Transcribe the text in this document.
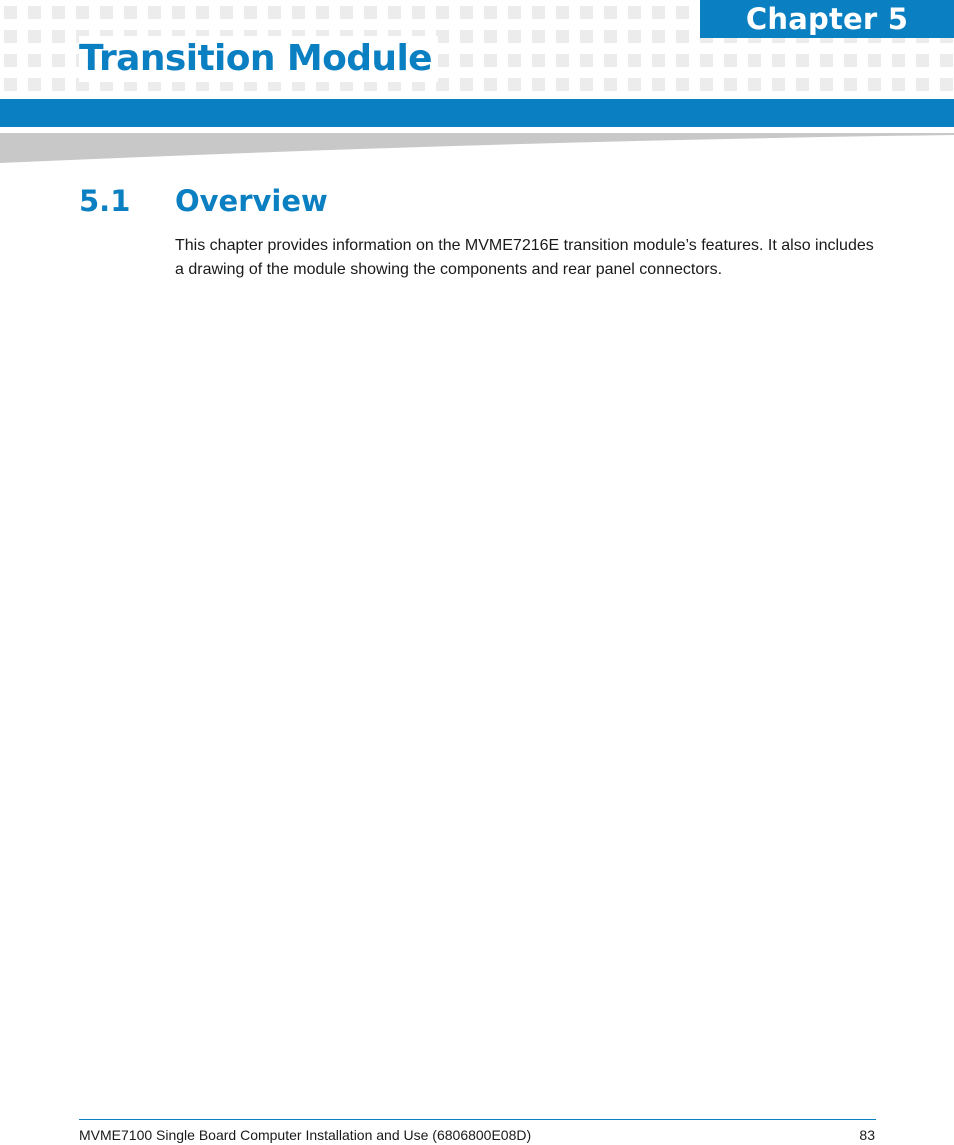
Chapter 5
Transition Module
5.1 Overview

This chapter provides information on the MVME7216E transition module’s features. It also includes a drawing of the module showing the components and rear panel connectors.

MVME7100 Single Board Computer Installation and Use (6806800E08D)	83
